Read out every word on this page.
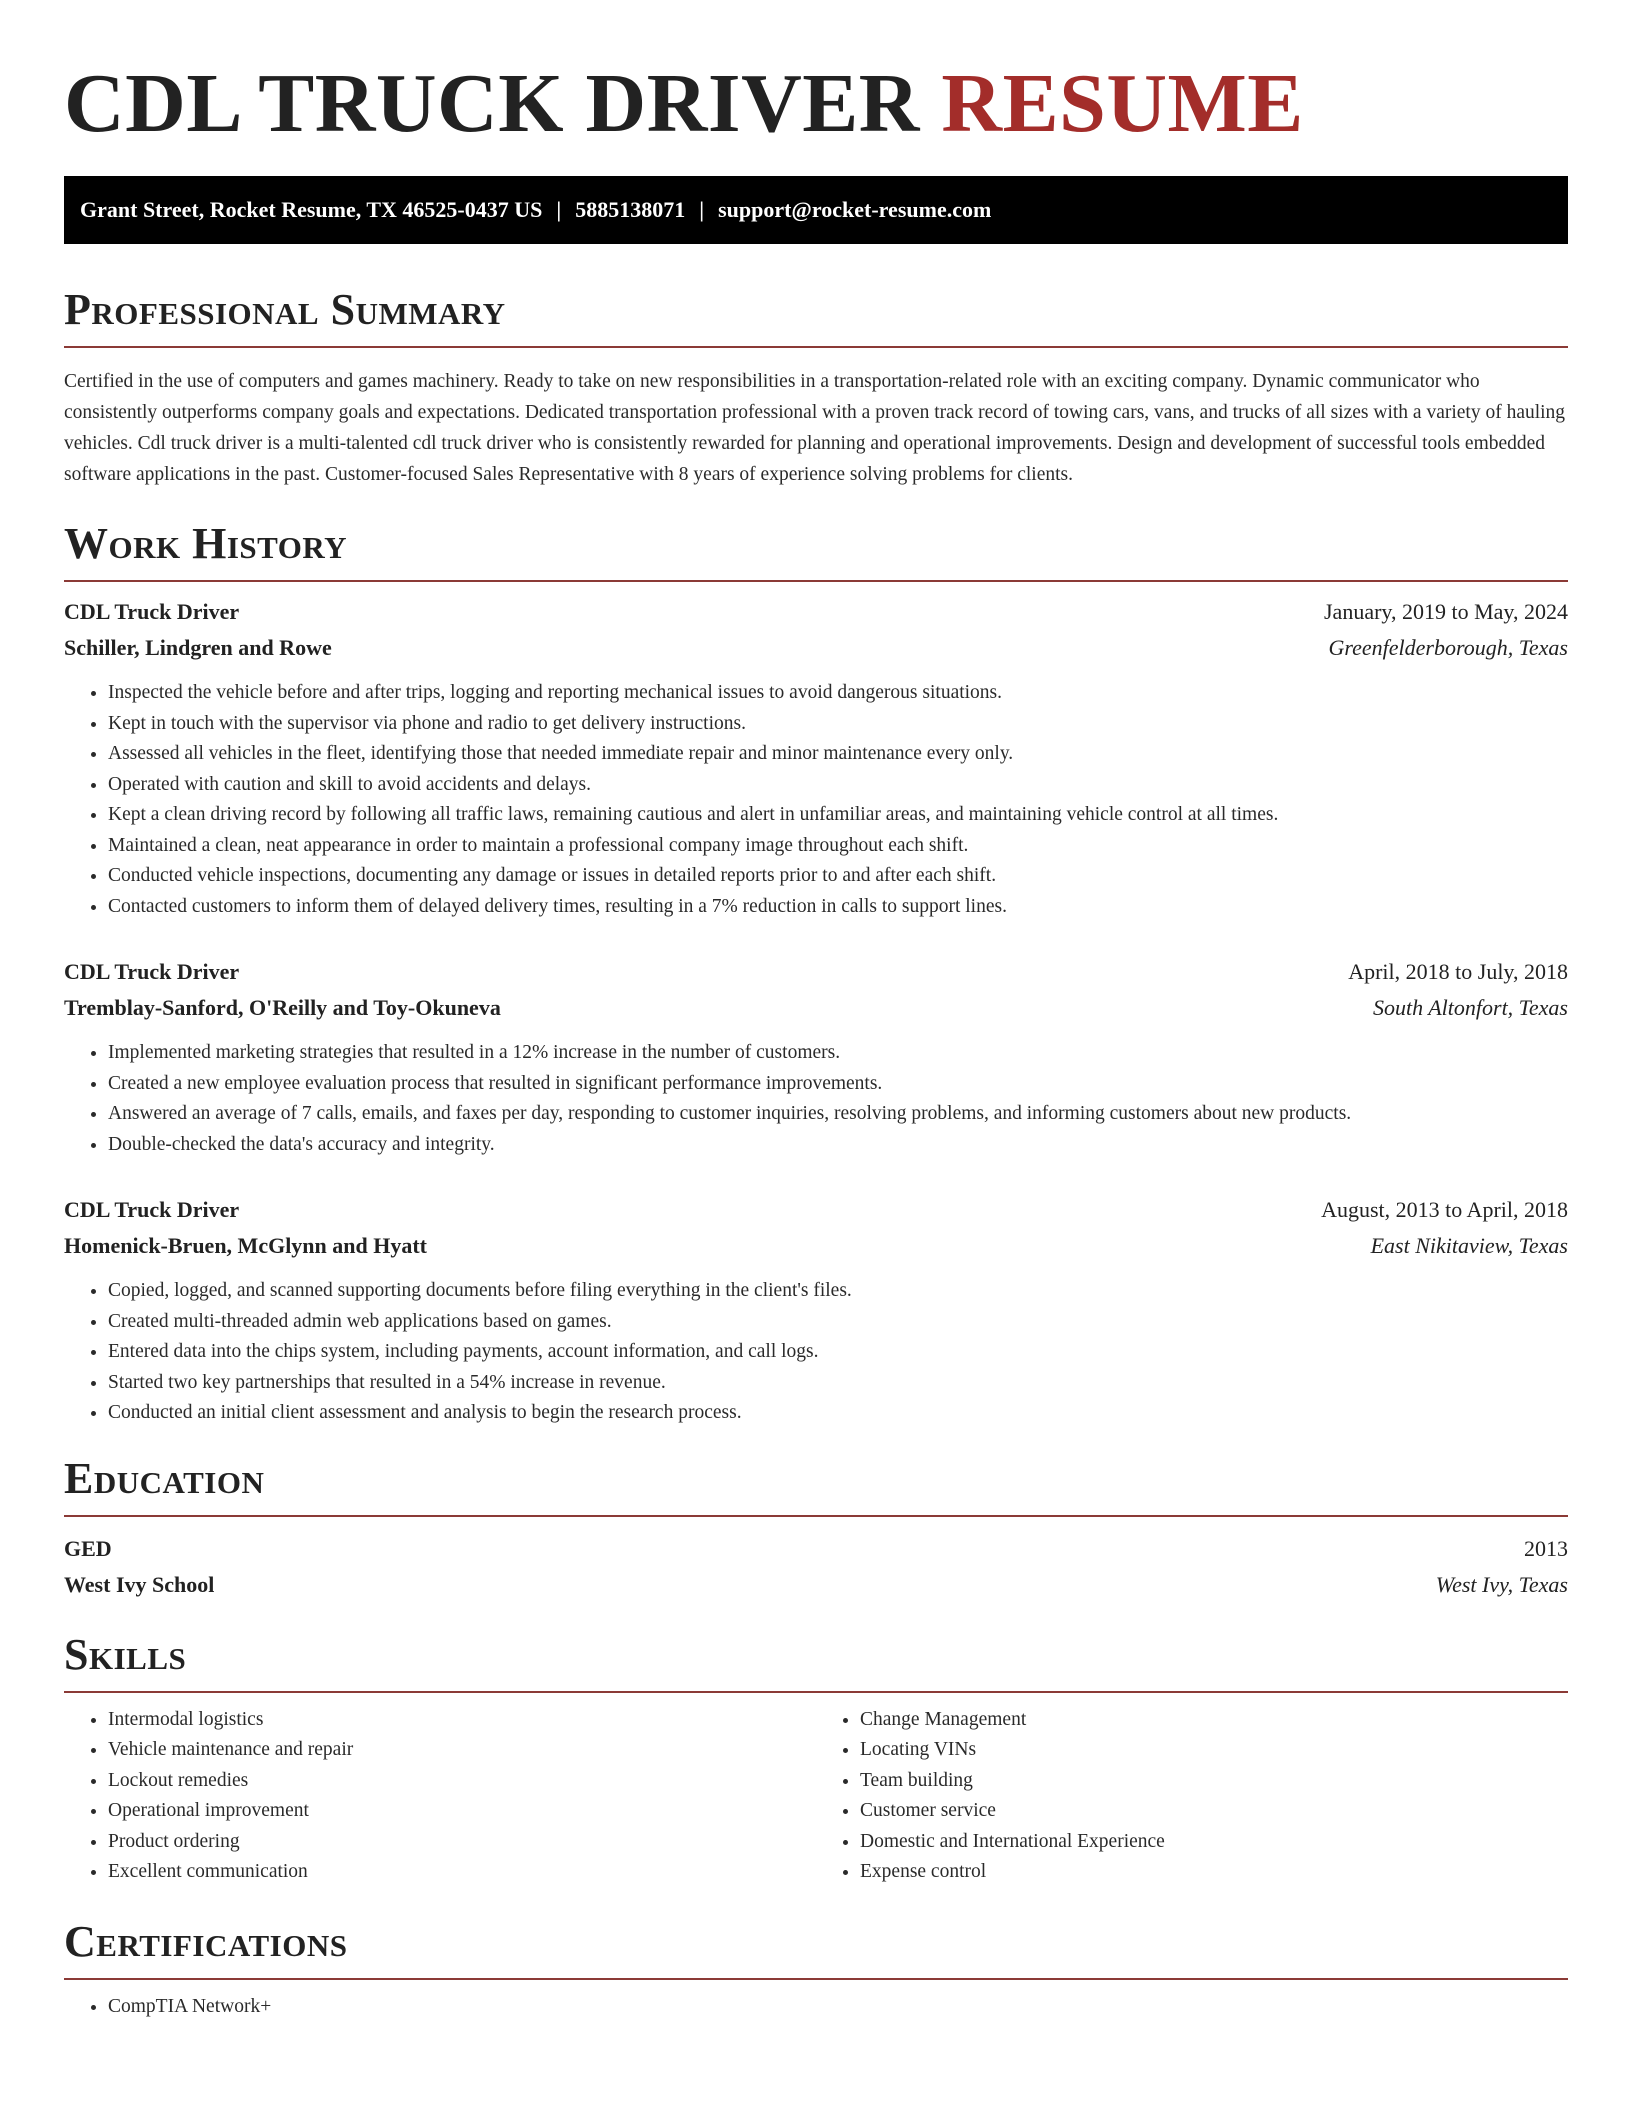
CDL TRUCK DRIVER RESUME
Grant Street, Rocket Resume, TX 46525-0437 US | 5885138071 | support@rocket-resume.com
Professional Summary

Certified in the use of computers and games machinery. Ready to take on new responsibilities in a transportation-related role with an exciting company. Dynamic communicator who consistently outperforms company goals and expectations. Dedicated transportation professional with a proven track record of towing cars, vans, and trucks of all sizes with a variety of hauling vehicles. Cdl truck driver is a multi-talented cdl truck driver who is consistently rewarded for planning and operational improvements. Design and development of successful tools embedded software applications in the past. Customer-focused Sales Representative with 8 years of experience solving problems for clients.

Work History
CDL Truck Driver	January, 2019 to May, 2024
Schiller, Lindgren and Rowe	Greenfelderborough, Texas
• Inspected the vehicle before and after trips, logging and reporting mechanical issues to avoid dangerous situations.
• Kept in touch with the supervisor via phone and radio to get delivery instructions.
• Assessed all vehicles in the fleet, identifying those that needed immediate repair and minor maintenance every only.
• Operated with caution and skill to avoid accidents and delays.
• Kept a clean driving record by following all traffic laws, remaining cautious and alert in unfamiliar areas, and maintaining vehicle control at all times.
• Maintained a clean, neat appearance in order to maintain a professional company image throughout each shift.
• Conducted vehicle inspections, documenting any damage or issues in detailed reports prior to and after each shift.
• Contacted customers to inform them of delayed delivery times, resulting in a 7% reduction in calls to support lines.
CDL Truck Driver	April, 2018 to July, 2018
Tremblay-Sanford, O'Reilly and Toy-Okuneva	South Altonfort, Texas
• Implemented marketing strategies that resulted in a 12% increase in the number of customers.
• Created a new employee evaluation process that resulted in significant performance improvements.
• Answered an average of 7 calls, emails, and faxes per day, responding to customer inquiries, resolving problems, and informing customers about new products.
• Double-checked the data's accuracy and integrity.
CDL Truck Driver	August, 2013 to April, 2018
Homenick-Bruen, McGlynn and Hyatt	East Nikitaview, Texas
• Copied, logged, and scanned supporting documents before filing everything in the client's files.
• Created multi-threaded admin web applications based on games.
• Entered data into the chips system, including payments, account information, and call logs.
• Started two key partnerships that resulted in a 54% increase in revenue.
• Conducted an initial client assessment and analysis to begin the research process.
Education
GED	2013
West Ivy School	West Ivy, Texas
Skills
• Intermodal logistics
• Vehicle maintenance and repair
• Lockout remedies
• Operational improvement
• Product ordering
• Excellent communication
• Change Management
• Locating VINs
• Team building
• Customer service
• Domestic and International Experience
• Expense control
Certifications
• CompTIA Network+
